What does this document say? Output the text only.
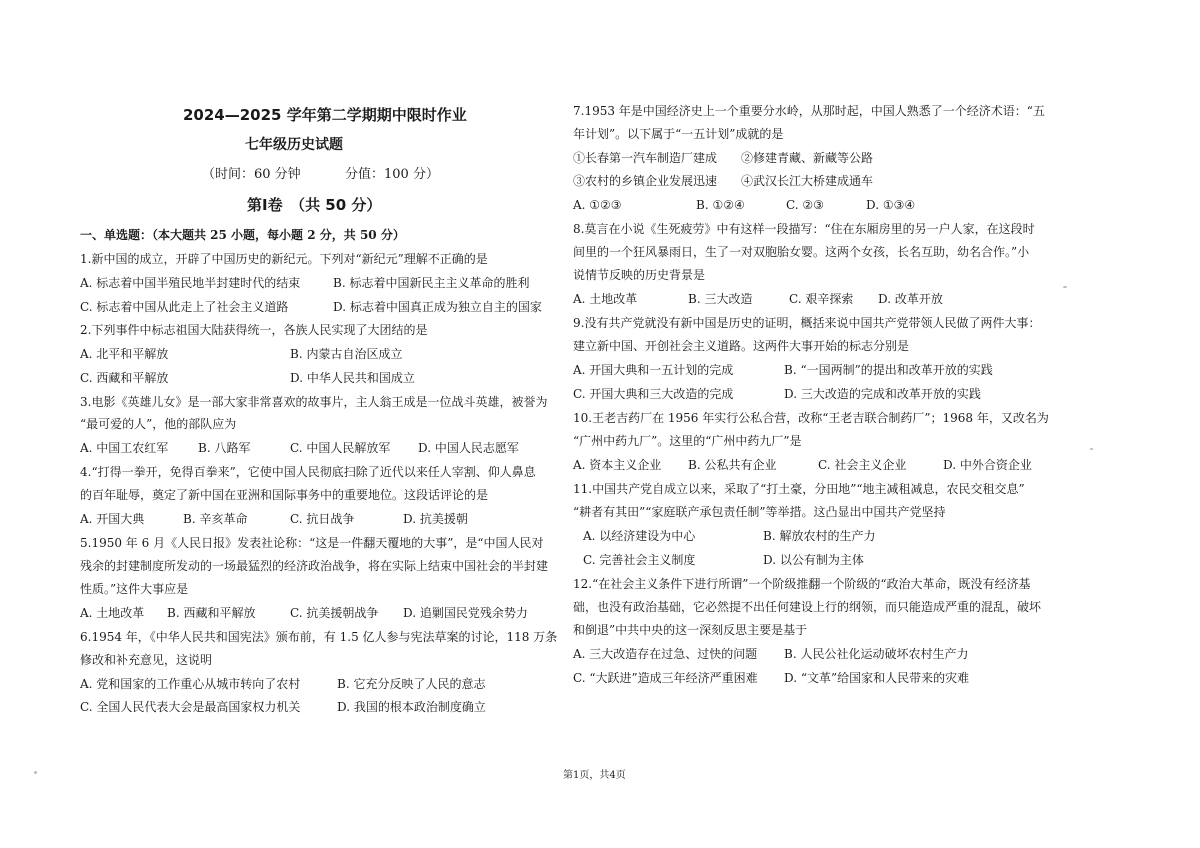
2024—2025 学年第二学期期中限时作业
七年级历史试题
（时间：60 分钟	分值：100 分）
第Ⅰ卷　（共 50 分）
一、单选题：（本大题共 25 小题，每小题 2 分，共 50 分）
1.新中国的成立，开辟了中国历史的新纪元。下列对“新纪元”理解不正确的是
A. 标志着中国半殖民地半封建时代的结束	B. 标志着中国新民主主义革命的胜利
C. 标志着中国从此走上了社会主义道路	D. 标志着中国真正成为独立自主的国家
2.下列事件中标志祖国大陆获得统一，各族人民实现了大团结的是
A. 北平和平解放	B. 内蒙古自治区成立
C. 西藏和平解放	D. 中华人民共和国成立
3.电影《英雄儿女》是一部大家非常喜欢的故事片，主人翁王成是一位战斗英雄，被誉为
“最可爱的人”，他的部队应为
A. 中国工农红军 B. 八路军	C. 中国人民解放军 D. 中国人民志愿军
4.“打得一拳开，免得百拳来”，它使中国人民彻底扫除了近代以来任人宰割、仰人鼻息
的百年耻辱，奠定了新中国在亚洲和国际事务中的重要地位。这段话评论的是
A. 开国大典	B. 辛亥革命	C. 抗日战争	D. 抗美援朝
5.1950 年 6 月《人民日报》发表社论称：“这是一件翻天覆地的大事”，是“中国人民对
残余的封建制度所发动的一场最猛烈的经济政治战争，将在实际上结束中国社会的半封建
性质。”这件大事应是
A. 土地改革 B. 西藏和平解放	C. 抗美援朝战争 D. 追剿国民党残余势力
6.1954 年，《中华人民共和国宪法》颁布前，有 1.5 亿人参与宪法草案的讨论，118 万条
修改和补充意见，这说明
A. 党和国家的工作重心从城市转向了农村	B. 它充分反映了人民的意志
C. 全国人民代表大会是最高国家权力机关	D. 我国的根本政治制度确立
7.1953 年是中国经济史上一个重要分水岭，从那时起，中国人熟悉了一个经济术语：“五
年计划”。以下属于“一五计划”成就的是
①长春第一汽车制造厂建成　　②修建青藏、新藏等公路
③农村的乡镇企业发展迅速　　④武汉长江大桥建成通车
A. ①②③	B. ①②④	C. ②③	D. ①③④
8.莫言在小说《生死疲劳》中有这样一段描写：“住在东厢房里的另一户人家，在这段时
间里的一个狂风暴雨日，生了一对双胞胎女婴。这两个女孩，长名互助，幼名合作。”小
说情节反映的历史背景是
A. 土地改革	B. 三大改造	C. 艰辛探索 D. 改革开放
9.没有共产党就没有新中国是历史的证明，概括来说中国共产党带领人民做了两件大事：
建立新中国、开创社会主义道路。这两件大事开始的标志分别是
A. 开国大典和一五计划的完成	B. “一国两制”的提出和改革开放的实践
C. 开国大典和三大改造的完成	D. 三大改造的完成和改革开放的实践
10.王老吉药厂在 1956 年实行公私合营，改称“王老吉联合制药厂”；1968 年，又改名为
“广州中药九厂”。这里的“广州中药九厂”是
A. 资本主义企业 B. 公私共有企业	C. 社会主义企业	D. 中外合资企业
11.中国共产党自成立以来，采取了“打土豪，分田地”“地主减租减息，农民交租交息”
“耕者有其田”“家庭联产承包责任制”等举措。这凸显出中国共产党坚持
A. 以经济建设为中心	B. 解放农村的生产力
C. 完善社会主义制度	D. 以公有制为主体
12.“在社会主义条件下进行所谓”一个阶级推翻一个阶级的“政治大革命，既没有经济基
础，也没有政治基础，它必然提不出任何建设上行的纲领，而只能造成严重的混乱，破坏
和倒退”中共中央的这一深刻反思主要是基于
A. 三大改造存在过急、过快的问题 B. 人民公社化运动破坏农村生产力
C. “大跃进”造成三年经济严重困难 D. “文革”给国家和人民带来的灾难
第1页，共4页
